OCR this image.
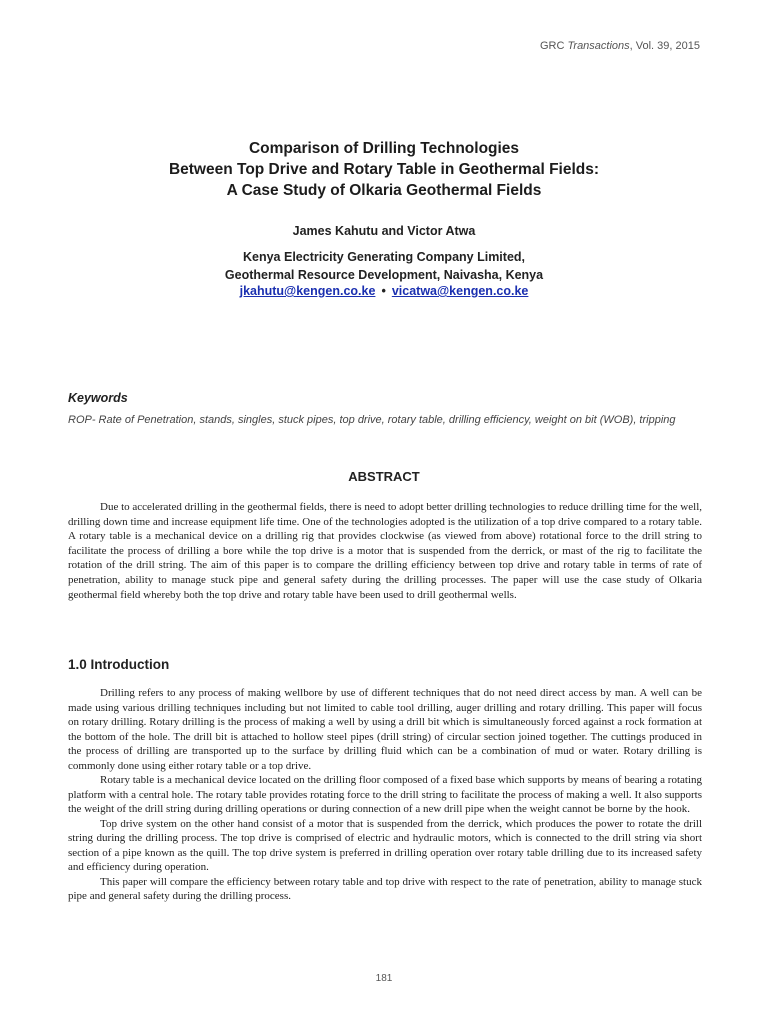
GRC Transactions, Vol. 39, 2015
Comparison of Drilling Technologies
Between Top Drive and Rotary Table in Geothermal Fields:
A Case Study of Olkaria Geothermal Fields
James Kahutu and Victor Atwa
Kenya Electricity Generating Company Limited,
Geothermal Resource Development, Naivasha, Kenya
jkahutu@kengen.co.ke • vicatwa@kengen.co.ke
Keywords
ROP- Rate of Penetration, stands, singles, stuck pipes, top drive, rotary table, drilling efficiency, weight on bit (WOB), tripping
ABSTRACT

Due to accelerated drilling in the geothermal fields, there is need to adopt better drilling technologies to reduce drilling time for the well, drilling down time and increase equipment life time. One of the technologies adopted is the utilization of a top drive compared to a rotary table. A rotary table is a mechanical device on a drilling rig that provides clockwise (as viewed from above) rotational force to the drill string to facilitate the process of drilling a bore while the top drive is a motor that is suspended from the derrick, or mast of the rig to facilitate the rotation of the drill string. The aim of this paper is to compare the drilling efficiency between top drive and rotary table in terms of rate of penetration, ability to manage stuck pipe and general safety during the drilling processes. The paper will use the case study of Olkaria geothermal field whereby both the top drive and rotary table have been used to drill geothermal wells.

1.0 Introduction

Drilling refers to any process of making wellbore by use of different techniques that do not need direct access by man. A well can be made using various drilling techniques including but not limited to cable tool drilling, auger drilling and rotary drilling. This paper will focus on rotary drilling. Rotary drilling is the process of making a well by using a drill bit which is simultaneously forced against a rock formation at the bottom of the hole. The drill bit is attached to hollow steel pipes (drill string) of circular section joined together. The cuttings produced in the process of drilling are transported up to the surface by drilling fluid which can be a combination of mud or water. Rotary drilling is commonly done using either rotary table or a top drive.

Rotary table is a mechanical device located on the drilling floor composed of a fixed base which supports by means of bearing a rotating platform with a central hole. The rotary table provides rotating force to the drill string to facilitate the process of making a well. It also supports the weight of the drill string during drilling operations or during connection of a new drill pipe when the weight cannot be borne by the hook.

Top drive system on the other hand consist of a motor that is suspended from the derrick, which produces the power to rotate the drill string during the drilling process. The top drive is comprised of electric and hydraulic motors, which is connected to the drill string via short section of a pipe known as the quill. The top drive system is preferred in drilling operation over rotary table drilling due to its increased safety and efficiency during operation.

This paper will compare the efficiency between rotary table and top drive with respect to the rate of penetration, ability to manage stuck pipe and general safety during the drilling process.

181
